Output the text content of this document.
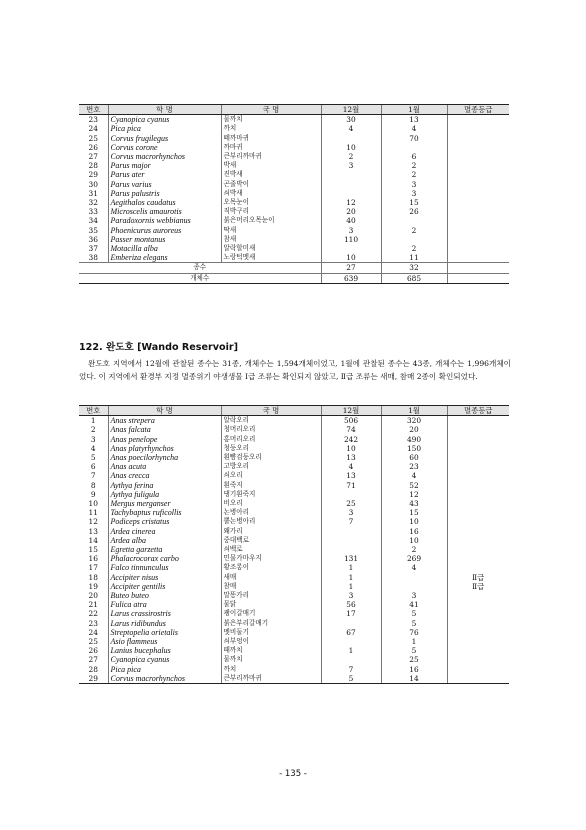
번호	학 명	국 명	12월	1월	멸종등급
23	Cyanopica cyanus	물까치	30	13	
24	Pica pica	까치	4	4	
25	Corvus frugilegus	떼까마귀		70	
26	Corvus corone	까마귀	10		
27	Corvus macrorhynchos	큰부리까마귀	2	6	
28	Parus major	박새	3	2	
29	Parus ater	진박새		2	
30	Parus varius	곤줄박이		3	
31	Parus palustris	쇠박새		3	
32	Aegithalos caudatus	오목눈이	12	15	
33	Microscelis amaurotis	직박구리	20	26	
34	Paradoxornis webbianus	붉은머리오목눈이	40		
35	Phoenicurus auroreus	딱새	3	2	
36	Passer montanus	참새	110		
37	Motacilla alba	알락할미새		2	
38	Emberiza elegans	노랑턱멧새	10	11	
종수			27	32	
개체수			639	685	
122. 완도호 [Wando Reservoir]

완도호 지역에서 12월에 관찰된 종수는 31종, 개체수는 1,594개체이었고, 1월에 관찰된 종수는 43종, 개체수는 1,996개체이었다. 이 지역에서 환경부 지정 멸종위기 야생생물 Ⅰ급 조류는 확인되지 않았고, Ⅱ급 조류는 새매, 참매 2종이 확인되었다.

번호	학 명	국 명	12월	1월	멸종등급
1	Anas strepera	알락오리	506	320	
2	Anas falcata	청머리오리	74	20	
3	Anas penelope	홍머리오리	242	490	
4	Anas platyrhynchos	청둥오리	10	150	
5	Anas poecilorhyncha	흰뺨검둥오리	13	60	
6	Anas acuta	고방오리	4	23	
7	Anas crecca	쇠오리	13	4	
8	Aythya ferina	흰죽지	71	52	
9	Aythya fuligula	댕기흰죽지		12	
10	Mergus merganser	비오리	25	43	
11	Tachybaptus ruficollis	논병아리	3	15	
12	Podiceps cristatus	뿔논병아리	7	10	
13	Ardea cinerea	왜가리		16	
14	Ardea alba	중대백로		10	
15	Egretta garzetta	쇠백로		2	
16	Phalacrocorax carbo	민물가마우지	131	269	
17	Falco tinnunculus	황조롱이	1	4	
18	Accipiter nisus	새매	1		Ⅱ급
19	Accipiter gentilis	참매	1		Ⅱ급
20	Buteo buteo	말똥가리	3	3	
21	Fulica atra	물닭	56	41	
22	Larus crassirostris	괭이갈매기	17	5	
23	Larus ridibundus	붉은부리갈매기		5	
24	Streptopelia orietalis	멧비둘기	67	76	
25	Asio flammeus	쇠부엉이		1	
26	Lanius bucephalus	때까치	1	5	
27	Cyanopica cyanus	물까치		25	
28	Pica pica	까치	7	16	
29	Corvus macrorhynchos	큰부리까마귀	5	14	

- 135 -
